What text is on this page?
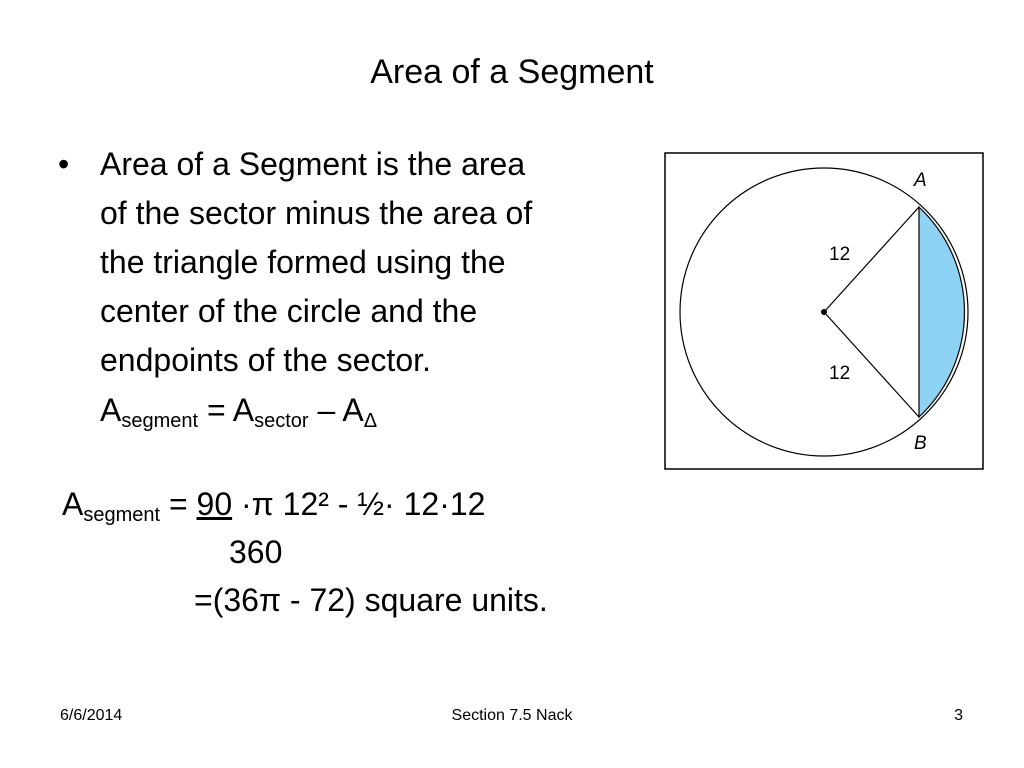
Area of a Segment
• Area of a Segment is the area
of the sector minus the area of
the triangle formed using the
center of the circle and the
endpoints of the sector.
$A_{segment} = A_{sector} - A_\Delta$
$A_{segment} = 90 \cdot\pi$ 12² - ½· 12·12
360
=(36π - 72) square units.
A
B
12
12
6/6/2014	Section 7.5 Nack	3
